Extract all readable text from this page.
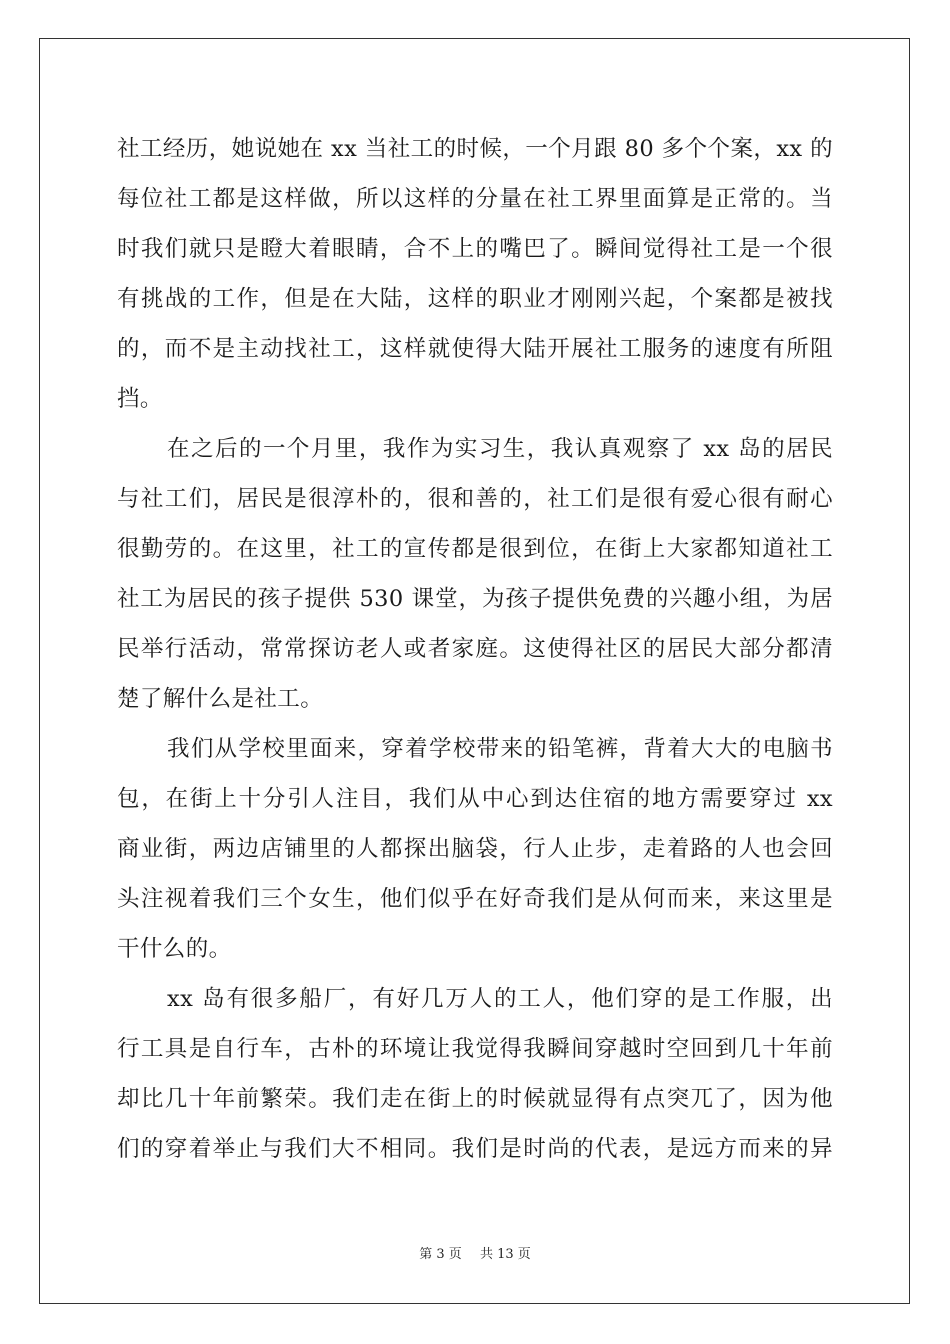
社工经历，她说她在 xx 当社工的时候，一个月跟 80 多个个案，xx 的
每位社工都是这样做，所以这样的分量在社工界里面算是正常的。当
时我们就只是瞪大着眼睛，合不上的嘴巴了。瞬间觉得社工是一个很
有挑战的工作，但是在大陆，这样的职业才刚刚兴起，个案都是被找
的，而不是主动找社工，这样就使得大陆开展社工服务的速度有所阻
挡。
在之后的一个月里，我作为实习生，我认真观察了 xx 岛的居民
与社工们，居民是很淳朴的，很和善的，社工们是很有爱心很有耐心
很勤劳的。在这里，社工的宣传都是很到位，在街上大家都知道社工
社工为居民的孩子提供 530 课堂，为孩子提供免费的兴趣小组，为居
民举行活动，常常探访老人或者家庭。这使得社区的居民大部分都清
楚了解什么是社工。
我们从学校里面来，穿着学校带来的铅笔裤，背着大大的电脑书
包，在街上十分引人注目，我们从中心到达住宿的地方需要穿过 xx
商业街，两边店铺里的人都探出脑袋，行人止步，走着路的人也会回
头注视着我们三个女生，他们似乎在好奇我们是从何而来，来这里是
干什么的。
xx 岛有很多船厂，有好几万人的工人，他们穿的是工作服，出
行工具是自行车，古朴的环境让我觉得我瞬间穿越时空回到几十年前
却比几十年前繁荣。我们走在街上的时候就显得有点突兀了，因为他
们的穿着举止与我们大不相同。我们是时尚的代表，是远方而来的异
第 3 页 共 13 页
